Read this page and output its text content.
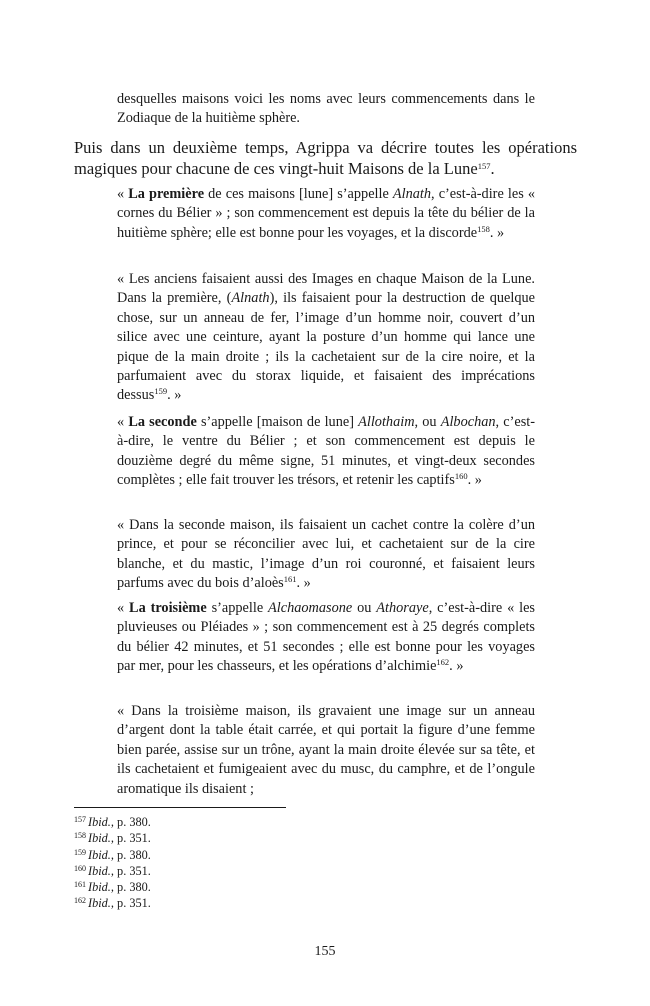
desquelles maisons voici les noms avec leurs commencements dans le Zodiaque de la huitième sphère.

Puis dans un deuxième temps, Agrippa va décrire toutes les opérations magiques pour chacune de ces vingt-huit Maisons de la Lune$^{157}$.

« La première de ces maisons [lune] s’appelle Alnath, c’est-à-dire les « cornes du Bélier » ; son commencement est depuis la tête du bélier de la huitième sphère; elle est bonne pour les voyages, et la discorde$^{158}$. »

« Les anciens faisaient aussi des Images en chaque Maison de la Lune. Dans la première, (Alnath), ils faisaient pour la destruction de quelque chose, sur un anneau de fer, l’image d’un homme noir, couvert d’un silice avec une ceinture, ayant la posture d’un homme qui lance une pique de la main droite ; ils la cachetaient sur de la cire noire, et la parfumaient avec du storax liquide, et faisaient des imprécations dessus$^{159}$. »

« La seconde s’appelle [maison de lune] Allothaim, ou Albochan, c’est-à-dire, le ventre du Bélier ; et son commencement est depuis le douzième degré du même signe, 51 minutes, et vingt-deux secondes complètes ; elle fait trouver les trésors, et retenir les captifs$^{160}$. »

« Dans la seconde maison, ils faisaient un cachet contre la colère d’un prince, et pour se réconcilier avec lui, et cachetaient sur de la cire blanche, et du mastic, l’image d’un roi couronné, et faisaient leurs parfums avec du bois d’aloès$^{161}$. »

« La troisième s’appelle Alchaomasone ou Athoraye, c’est-à-dire « les pluvieuses ou Pléiades » ; son commencement est à 25 degrés complets du bélier 42 minutes, et 51 secondes ; elle est bonne pour les voyages par mer, pour les chasseurs, et les opérations d’alchimie$^{162}$. »

« Dans la troisième maison, ils gravaient une image sur un anneau d’argent dont la table était carrée, et qui portait la figure d’une femme bien parée, assise sur un trône, ayant la main droite élevée sur sa tête, et ils cachetaient et fumigeaient avec du musc, du camphre, et de l’ongule aromatique ils disaient ;

$^{157}$ Ibid., p. 380.
$^{158}$ Ibid., p. 351.
$^{159}$ Ibid., p. 380.
$^{160}$ Ibid., p. 351.
$^{161}$ Ibid., p. 380.
$^{162}$ Ibid., p. 351.
155
